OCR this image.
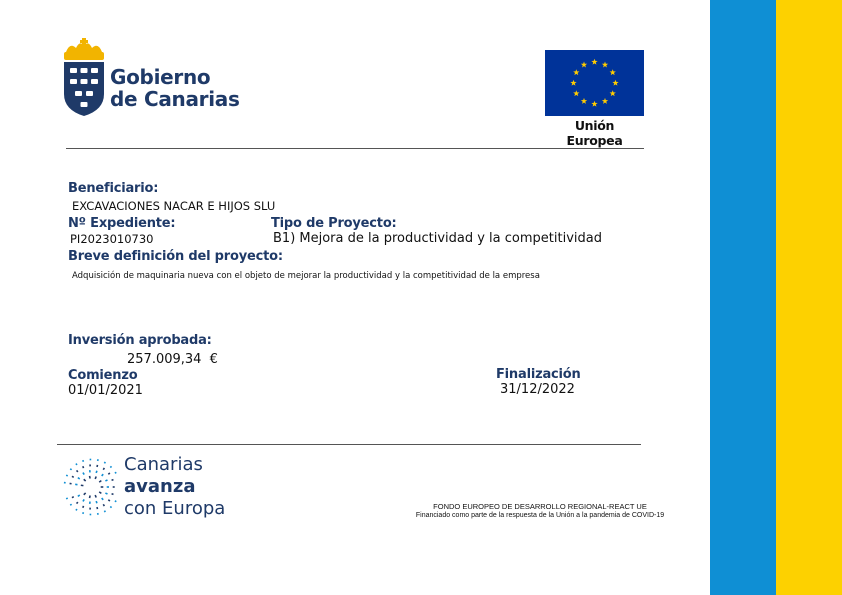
Gobierno
de Canarias
Unión Europea
Beneficiario:
EXCAVACIONES NACAR E HIJOS SLU
Nº Expediente:
PI2023010730
Tipo de Proyecto:
B1) Mejora de la productividad y la competitividad
Breve definición del proyecto:
Adquisición de maquinaria nueva con el objeto de mejorar la productividad y la competitividad de la empresa
Inversión aprobada:
257.009,34 €
Comienzo
01/01/2021
Finalización
31/12/2022
Canarias
avanza
con Europa	FONDO EUROPEO DE DESARROLLO REGIONAL-REACT UE
Financiado como parte de la respuesta de la Unión a la pandemia de COVID-19
